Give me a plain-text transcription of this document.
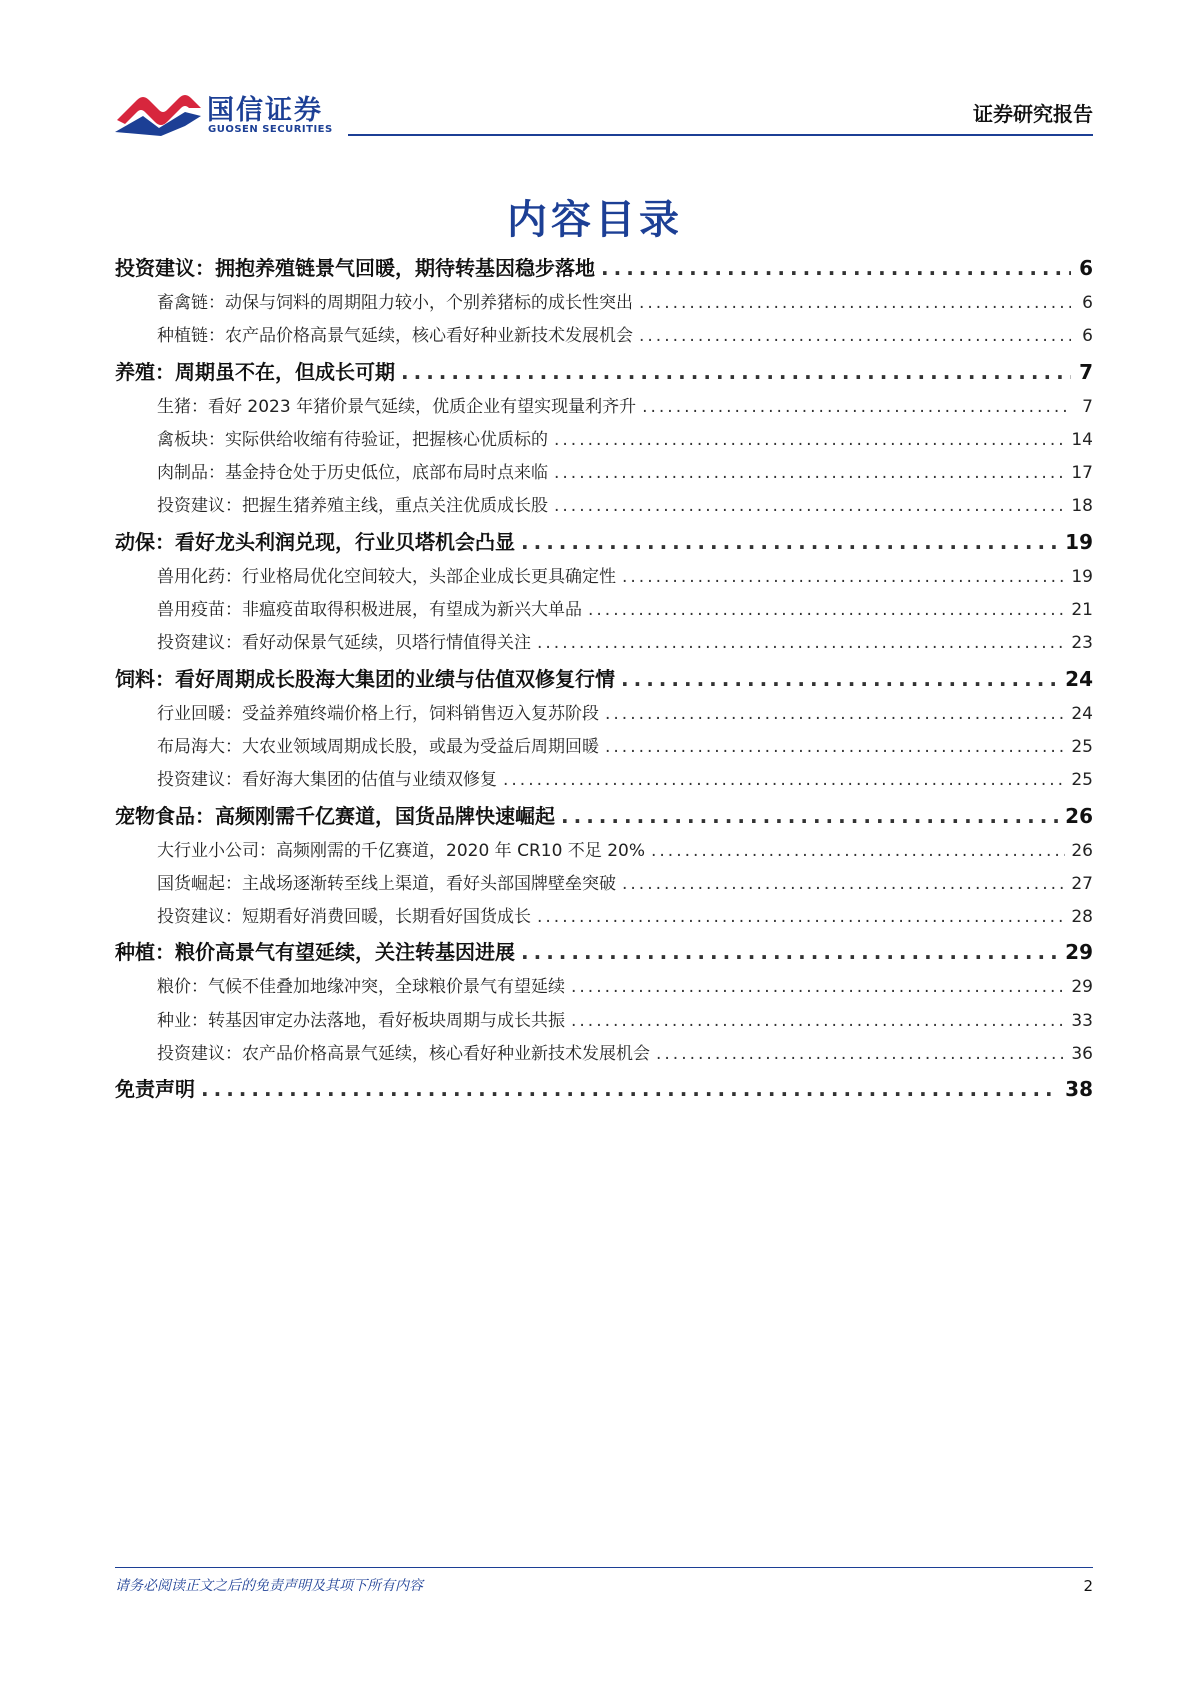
国信证券
GUOSEN SECURITIES
证券研究报告
内容目录
投资建议：拥抱养殖链景气回暖，期待转基因稳步落地 .....	6
畜禽链：动保与饲料的周期阻力较小，个别养猪标的成长性突出 .....	6
种植链：农产品价格高景气延续，核心看好种业新技术发展机会 .....	6
养殖：周期虽不在，但成长可期 .....	7
生猪：看好 2023 年猪价景气延续，优质企业有望实现量利齐升 .....	7
禽板块：实际供给收缩有待验证，把握核心优质标的 .....	14
肉制品：基金持仓处于历史低位，底部布局时点来临 .....	17
投资建议：把握生猪养殖主线，重点关注优质成长股 .....	18
动保：看好龙头利润兑现，行业贝塔机会凸显 .....	19
兽用化药：行业格局优化空间较大，头部企业成长更具确定性 .....	19
兽用疫苗：非瘟疫苗取得积极进展，有望成为新兴大单品 .....	21
投资建议：看好动保景气延续，贝塔行情值得关注 .....	23
饲料：看好周期成长股海大集团的业绩与估值双修复行情 .....	24
行业回暖：受益养殖终端价格上行，饲料销售迈入复苏阶段 .....	24
布局海大：大农业领域周期成长股，或最为受益后周期回暖 .....	25
投资建议：看好海大集团的估值与业绩双修复 .....	25
宠物食品：高频刚需千亿赛道，国货品牌快速崛起 .....	26
大行业小公司：高频刚需的千亿赛道，2020 年 CR10 不足 20% .....	26
国货崛起：主战场逐渐转至线上渠道，看好头部国牌壁垒突破 .....	27
投资建议：短期看好消费回暖，长期看好国货成长 .....	28
种植：粮价高景气有望延续，关注转基因进展 .....	29
粮价：气候不佳叠加地缘冲突，全球粮价景气有望延续 .....	29
种业：转基因审定办法落地，看好板块周期与成长共振 .....	33
投资建议：农产品价格高景气延续，核心看好种业新技术发展机会 .....	36
免责声明 .....	38
请务必阅读正文之后的免责声明及其项下所有内容	2
